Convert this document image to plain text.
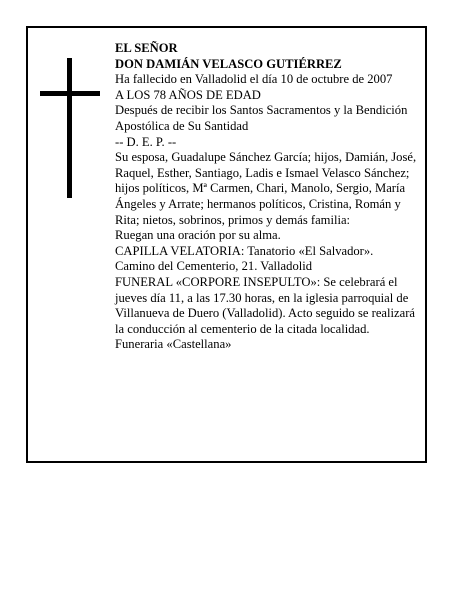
EL SEÑOR

DON DAMIÁN VELASCO GUTIÉRREZ

Ha fallecido en Valladolid el día 10 de octubre de 2007

A LOS 78 AÑOS DE EDAD

Después de recibir los Santos Sacramentos y la Bendición Apostólica de Su Santidad

-- D. E. P. --

Su esposa, Guadalupe Sánchez García; hijos, Damián, José, Raquel, Esther, Santiago, Ladis e Ismael Velasco Sánchez; hijos políticos, Mª Carmen, Chari, Manolo, Sergio, María Ángeles y Arrate; hermanos políticos, Cristina, Román y Rita; nietos, sobrinos, primos y demás familia:

Ruegan una oración por su alma.

CAPILLA VELATORIA: Tanatorio «El Salvador».

Camino del Cementerio, 21. Valladolid

FUNERAL «CORPORE INSEPULTO»: Se celebrará el jueves día 11, a las 17.30 horas, en la iglesia parroquial de Villanueva de Duero (Valladolid). Acto seguido se realizará la conducción al cementerio de la citada localidad.

Funeraria «Castellana»
